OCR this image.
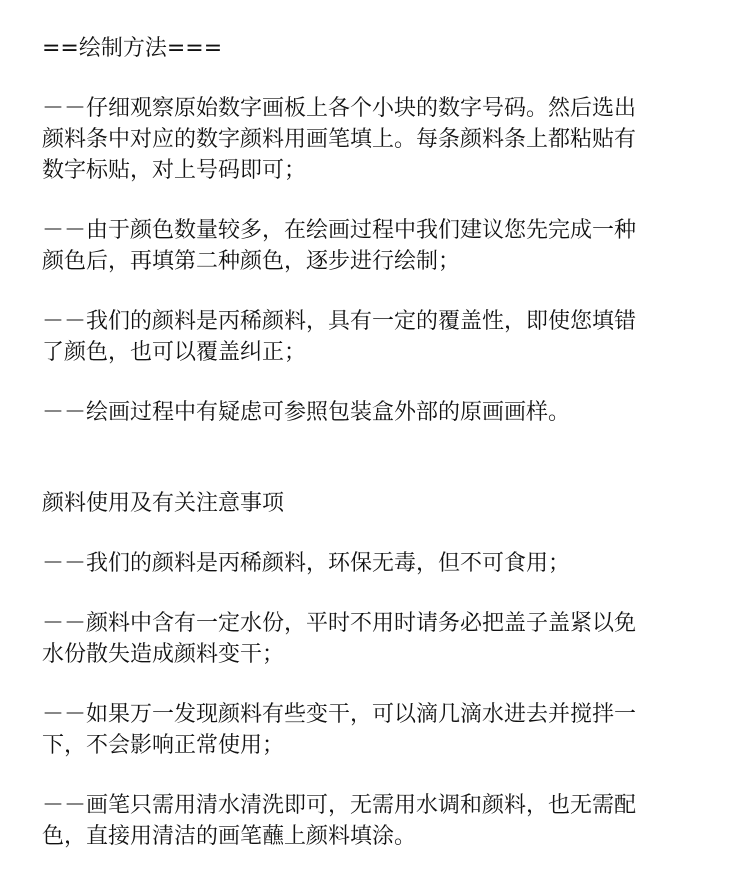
==绘制方法===
－－仔细观察原始数字画板上各个小块的数字号码。然后选出
颜料条中对应的数字颜料用画笔填上。每条颜料条上都粘贴有
数字标贴，对上号码即可；
－－由于颜色数量较多，在绘画过程中我们建议您先完成一种
颜色后，再填第二种颜色，逐步进行绘制；
－－我们的颜料是丙稀颜料，具有一定的覆盖性，即使您填错
了颜色，也可以覆盖纠正；
－－绘画过程中有疑虑可参照包装盒外部的原画画样。
颜料使用及有关注意事项
－－我们的颜料是丙稀颜料，环保无毒，但不可食用；
－－颜料中含有一定水份，平时不用时请务必把盖子盖紧以免
水份散失造成颜料变干；
－－如果万一发现颜料有些变干，可以滴几滴水进去并搅拌一
下，不会影响正常使用；
－－画笔只需用清水清洗即可，无需用水调和颜料，也无需配
色，直接用清洁的画笔蘸上颜料填涂。
